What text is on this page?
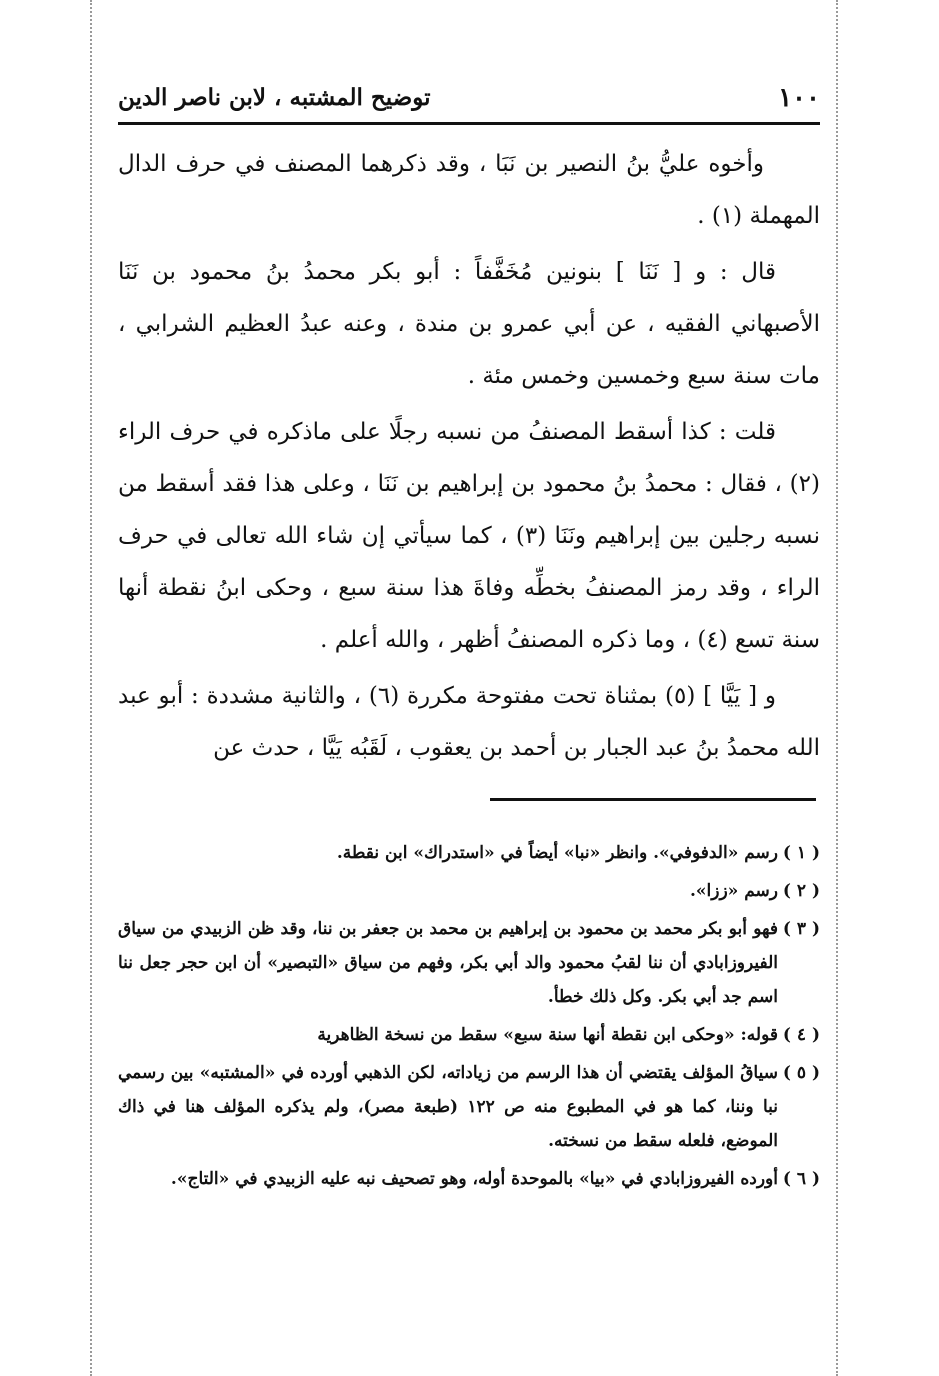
١٠٠
توضيح المشتبه ، لابن ناصر الدين

وأخوه عليُّ بنُ النصير بن نَبَا ، وقد ذكرهما المصنف في حرف الدال المهملة (١) .

قال : و [ نَنَا ] بنونين مُخَفَّفاً : أبو بكر محمدُ بنُ محمود بن نَنَا الأصبهاني الفقيه ، عن أبي عمرو بن مندة ، وعنه عبدُ العظيم الشرابي ، مات سنة سبع وخمسين وخمس مئة .

قلت : كذا أسقط المصنفُ من نسبه رجلًا على ماذكره في حرف الراء (٢) ، فقال : محمدُ بنُ محمود بن إبراهيم بن نَنَا ، وعلى هذا فقد أسقط من نسبه رجلين بين إبراهيم ونَنَا (٣) ، كما سيأتي إن شاء الله تعالى في حرف الراء ، وقد رمز المصنفُ بخطِّه وفاةَ هذا سنة سبع ، وحكى ابنُ نقطة أنها سنة تسع (٤) ، وما ذكره المصنفُ أظهر ، والله أعلم .

و [ يَيَّا ] (٥) بمثناة تحت مفتوحة مكررة (٦) ، والثانية مشددة : أبو عبد الله محمدُ بنُ عبد الجبار بن أحمد بن يعقوب ، لَقَبُه يَيَّا ، حدث عن

( ١ )
رسم «الدفوفي». وانظر «نبا» أيضاً في «استدراك» ابن نقطة.
( ٢ )
رسم «ززا».
( ٣ )
فهو أبو بكر محمد بن محمود بن إبراهيم بن محمد بن جعفر بن ننا، وقد ظن الزبيدي من سياق الفيروزابادي أن ننا لقبُ محمود والد أبي بكر، وفهم من سياق «التبصير» أن ابن حجر جعل ننا اسم جد أبي بكر. وكل ذلك خطأ.
( ٤ )
قوله: «وحكى ابن نقطة أنها سنة سبع» سقط من نسخة الظاهرية
( ٥ )
سياقُ المؤلف يقتضي أن هذا الرسم من زياداته، لكن الذهبي أورده في «المشتبه» بين رسمي نبا وننا، كما هو في المطبوع منه ص ١٢٢ (طبعة مصر)، ولم يذكره المؤلف هنا في ذاك الموضع، فلعله سقط من نسخته.
( ٦ )
أورده الفيروزابادي في «بيا» بالموحدة أوله، وهو تصحيف نبه عليه الزبيدي في «التاج».
